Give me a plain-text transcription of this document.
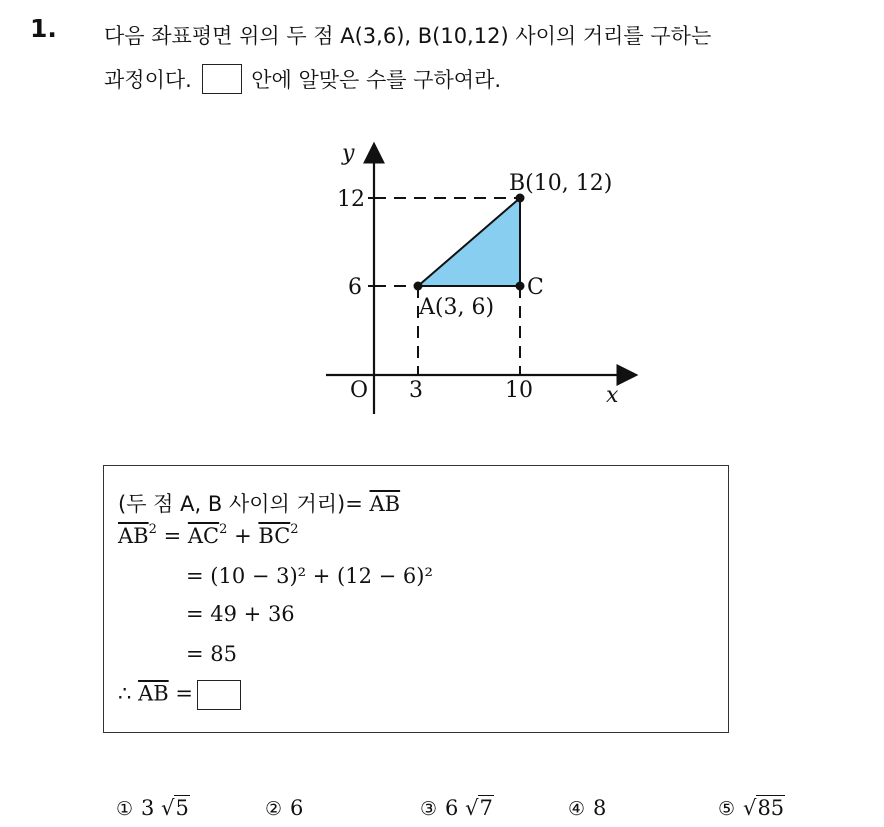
1. 다음 좌표평면 위의 두 점 A(3,6), B(10,12) 사이의 거리를 구하는
과정이다.	안에 알맞은 수를 구하여라.
y
x
O
12
6
3	10
A(3, 6)
B(10, 12)
C
(두 점 A, B 사이의 거리)= $\overline{AB}$
$\overline{AB}^2 = \overline{AC}^2 + \overline{BC}^2$
= (10 − 3)² + (12 − 6)²
= 49 + 36
= 85
∴ $\overline{AB}$ =
① 3 √5	② 6	③ 6 √7	④ 8	⑤ √85
